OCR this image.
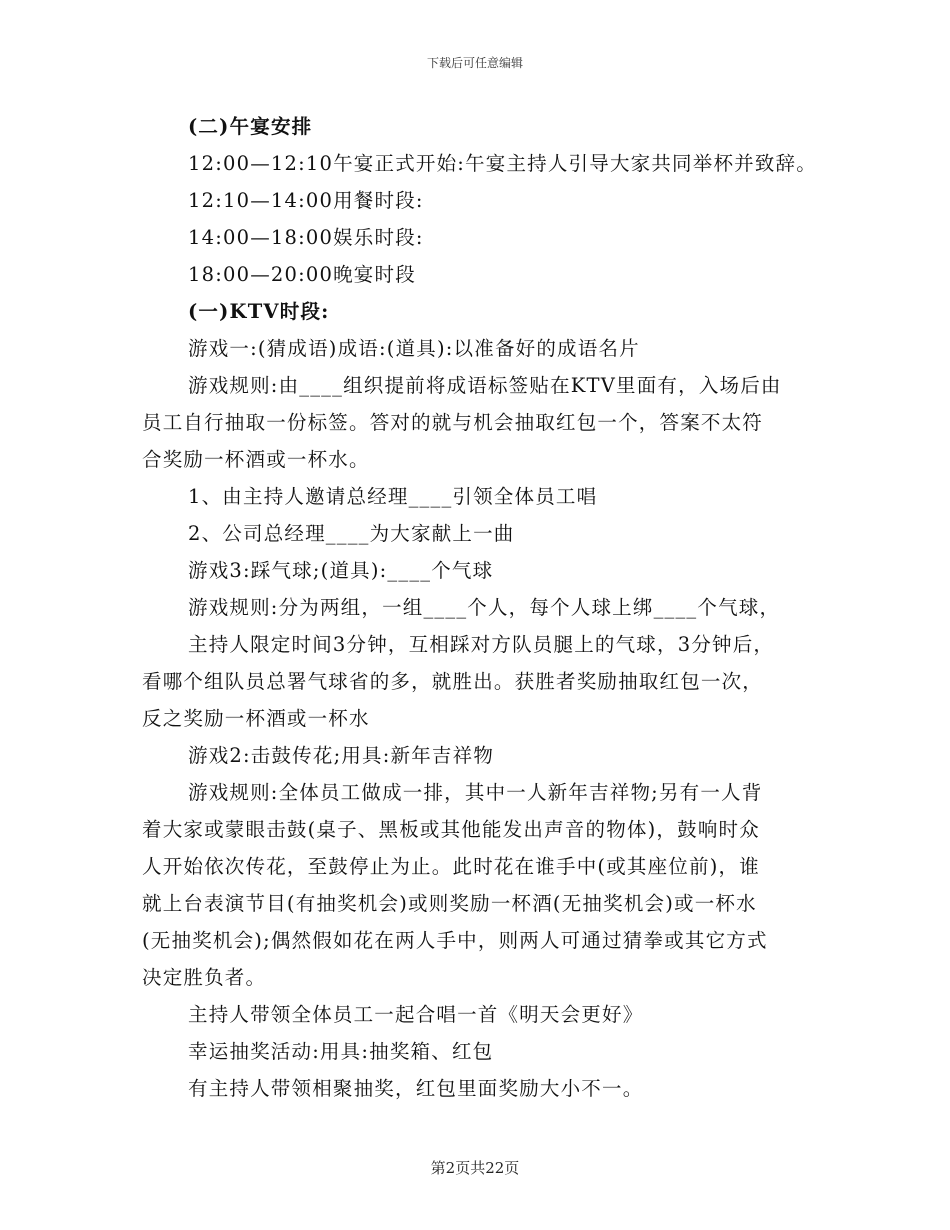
下载后可任意编辑
(二)午宴安排
12:00—12:10午宴正式开始:午宴主持人引导大家共同举杯并致辞。
12:10—14:00用餐时段:
14:00—18:00娱乐时段:
18:00—20:00晚宴时段
(一)KTV时段:
游戏一:(猜成语)成语:(道具):以准备好的成语名片
游戏规则:由____组织提前将成语标签贴在KTV里面有，入场后由
员工自行抽取一份标签。答对的就与机会抽取红包一个，答案不太符
合奖励一杯酒或一杯水。
1、由主持人邀请总经理____引领全体员工唱
2、公司总经理____为大家献上一曲
游戏3:踩气球;(道具):____个气球
游戏规则:分为两组，一组____个人，每个人球上绑____个气球，
主持人限定时间3分钟，互相踩对方队员腿上的气球，3分钟后，
看哪个组队员总署气球省的多，就胜出。获胜者奖励抽取红包一次，
反之奖励一杯酒或一杯水
游戏2:击鼓传花;用具:新年吉祥物
游戏规则:全体员工做成一排，其中一人新年吉祥物;另有一人背
着大家或蒙眼击鼓(桌子、黑板或其他能发出声音的物体)，鼓响时众
人开始依次传花，至鼓停止为止。此时花在谁手中(或其座位前)，谁
就上台表演节目(有抽奖机会)或则奖励一杯酒(无抽奖机会)或一杯水
(无抽奖机会);偶然假如花在两人手中，则两人可通过猜拳或其它方式
决定胜负者。
主持人带领全体员工一起合唱一首《明天会更好》
幸运抽奖活动:用具:抽奖箱、红包
有主持人带领相聚抽奖，红包里面奖励大小不一。
第2页共22页
